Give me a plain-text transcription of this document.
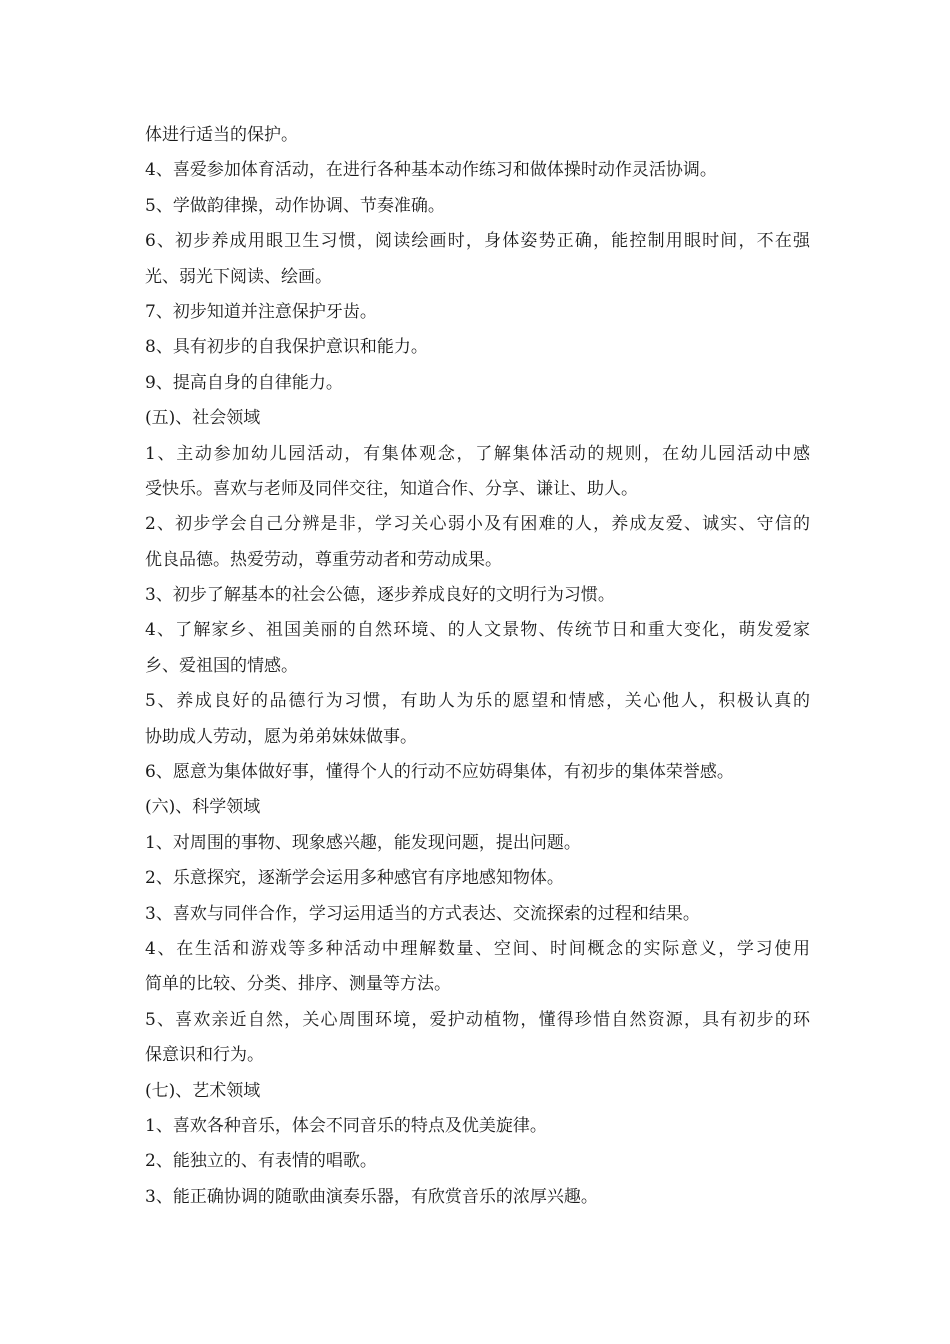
体进行适当的保护。
4、喜爱参加体育活动，在进行各种基本动作练习和做体操时动作灵活协调。
5、学做韵律操，动作协调、节奏准确。
6、初步养成用眼卫生习惯，阅读绘画时，身体姿势正确，能控制用眼时间，不在强
光、弱光下阅读、绘画。
7、初步知道并注意保护牙齿。
8、具有初步的自我保护意识和能力。
9、提高自身的自律能力。
(五)、社会领域
1、主动参加幼儿园活动，有集体观念，了解集体活动的规则，在幼儿园活动中感
受快乐。喜欢与老师及同伴交往，知道合作、分享、谦让、助人。
2、初步学会自己分辨是非，学习关心弱小及有困难的人，养成友爱、诚实、守信的
优良品德。热爱劳动，尊重劳动者和劳动成果。
3、初步了解基本的社会公德，逐步养成良好的文明行为习惯。
4、了解家乡、祖国美丽的自然环境、的人文景物、传统节日和重大变化，萌发爱家
乡、爱祖国的情感。
5、养成良好的品德行为习惯，有助人为乐的愿望和情感，关心他人，积极认真的
协助成人劳动，愿为弟弟妹妹做事。
6、愿意为集体做好事，懂得个人的行动不应妨碍集体，有初步的集体荣誉感。
(六)、科学领域
1、对周围的事物、现象感兴趣，能发现问题，提出问题。
2、乐意探究，逐渐学会运用多种感官有序地感知物体。
3、喜欢与同伴合作，学习运用适当的方式表达、交流探索的过程和结果。
4、在生活和游戏等多种活动中理解数量、空间、时间概念的实际意义，学习使用
简单的比较、分类、排序、测量等方法。
5、喜欢亲近自然，关心周围环境，爱护动植物，懂得珍惜自然资源，具有初步的环
保意识和行为。
(七)、艺术领域
1、喜欢各种音乐，体会不同音乐的特点及优美旋律。
2、能独立的、有表情的唱歌。
3、能正确协调的随歌曲演奏乐器，有欣赏音乐的浓厚兴趣。
